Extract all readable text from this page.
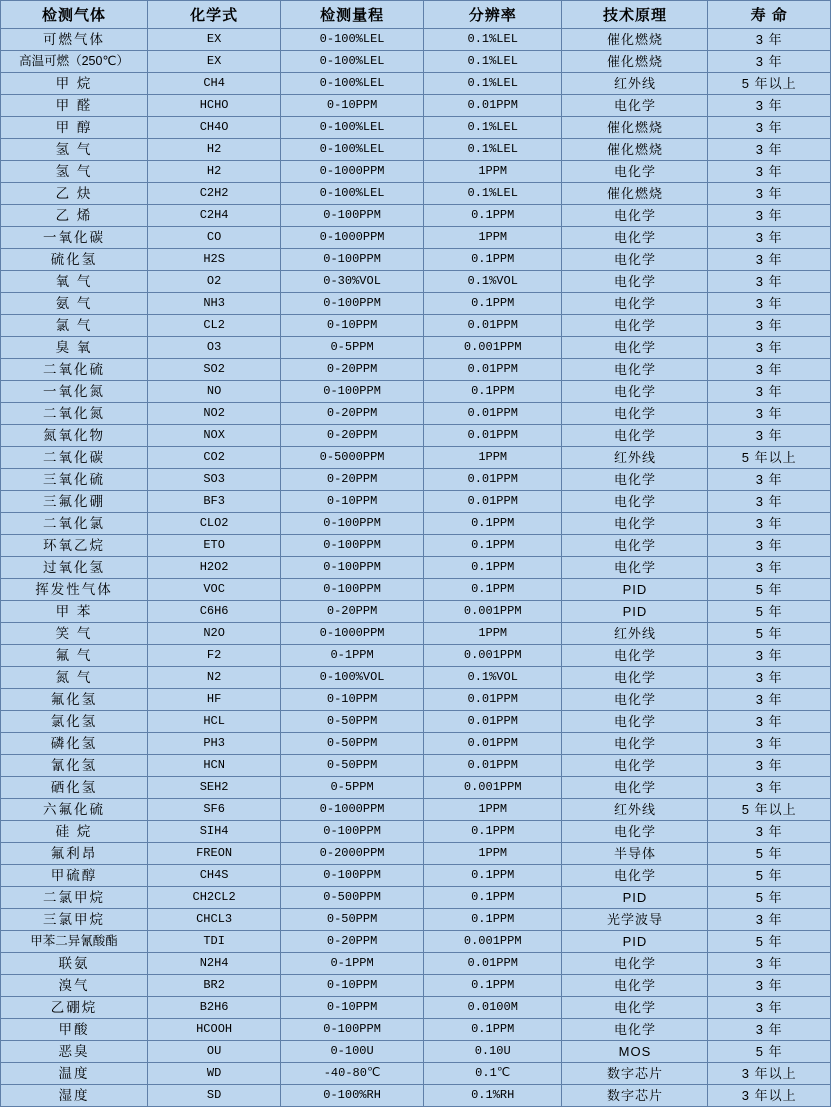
检测气体	化学式	检测量程	分辨率	技术原理	寿 命
可燃气体	EX	0-100%LEL	0.1%LEL	催化燃烧	3 年
高温可燃（250℃）	EX	0-100%LEL	0.1%LEL	催化燃烧	3 年
甲 烷	CH4	0-100%LEL	0.1%LEL	红外线	5 年以上
甲 醛	HCHO	0-10PPM	0.01PPM	电化学	3 年
甲 醇	CH4O	0-100%LEL	0.1%LEL	催化燃烧	3 年
氢 气	H2	0-100%LEL	0.1%LEL	催化燃烧	3 年
氢 气	H2	0-1000PPM	1PPM	电化学	3 年
乙 炔	C2H2	0-100%LEL	0.1%LEL	催化燃烧	3 年
乙 烯	C2H4	0-100PPM	0.1PPM	电化学	3 年
一氧化碳	CO	0-1000PPM	1PPM	电化学	3 年
硫化氢	H2S	0-100PPM	0.1PPM	电化学	3 年
氧 气	O2	0-30%VOL	0.1%VOL	电化学	3 年
氨 气	NH3	0-100PPM	0.1PPM	电化学	3 年
氯 气	CL2	0-10PPM	0.01PPM	电化学	3 年
臭 氧	O3	0-5PPM	0.001PPM	电化学	3 年
二氧化硫	SO2	0-20PPM	0.01PPM	电化学	3 年
一氧化氮	NO	0-100PPM	0.1PPM	电化学	3 年
二氧化氮	NO2	0-20PPM	0.01PPM	电化学	3 年
氮氧化物	NOX	0-20PPM	0.01PPM	电化学	3 年
二氧化碳	CO2	0-5000PPM	1PPM	红外线	5 年以上
三氧化硫	SO3	0-20PPM	0.01PPM	电化学	3 年
三氟化硼	BF3	0-10PPM	0.01PPM	电化学	3 年
二氧化氯	CLO2	0-100PPM	0.1PPM	电化学	3 年
环氧乙烷	ETO	0-100PPM	0.1PPM	电化学	3 年
过氧化氢	H2O2	0-100PPM	0.1PPM	电化学	3 年
挥发性气体	VOC	0-100PPM	0.1PPM	PID	5 年
甲 苯	C6H6	0-20PPM	0.001PPM	PID	5 年
笑 气	N2O	0-1000PPM	1PPM	红外线	5 年
氟 气	F2	0-1PPM	0.001PPM	电化学	3 年
氮 气	N2	0-100%VOL	0.1%VOL	电化学	3 年
氟化氢	HF	0-10PPM	0.01PPM	电化学	3 年
氯化氢	HCL	0-50PPM	0.01PPM	电化学	3 年
磷化氢	PH3	0-50PPM	0.01PPM	电化学	3 年
氰化氢	HCN	0-50PPM	0.01PPM	电化学	3 年
硒化氢	SEH2	0-5PPM	0.001PPM	电化学	3 年
六氟化硫	SF6	0-1000PPM	1PPM	红外线	5 年以上
硅 烷	SIH4	0-100PPM	0.1PPM	电化学	3 年
氟利昂	FREON	0-2000PPM	1PPM	半导体	5 年
甲硫醇	CH4S	0-100PPM	0.1PPM	电化学	5 年
二氯甲烷	CH2CL2	0-500PPM	0.1PPM	PID	5 年
三氯甲烷	CHCL3	0-50PPM	0.1PPM	光学波导	3 年
甲苯二异氰酸酯	TDI	0-20PPM	0.001PPM	PID	5 年
联氨	N2H4	0-1PPM	0.01PPM	电化学	3 年
溴气	BR2	0-10PPM	0.1PPM	电化学	3 年
乙硼烷	B2H6	0-10PPM	0.0100M	电化学	3 年
甲酸	HCOOH	0-100PPM	0.1PPM	电化学	3 年
恶臭	OU	0-100U	0.10U	MOS	5 年
温度	WD	-40-80℃	0.1℃	数字芯片	3 年以上
湿度	SD	0-100%RH	0.1%RH	数字芯片	3 年以上
